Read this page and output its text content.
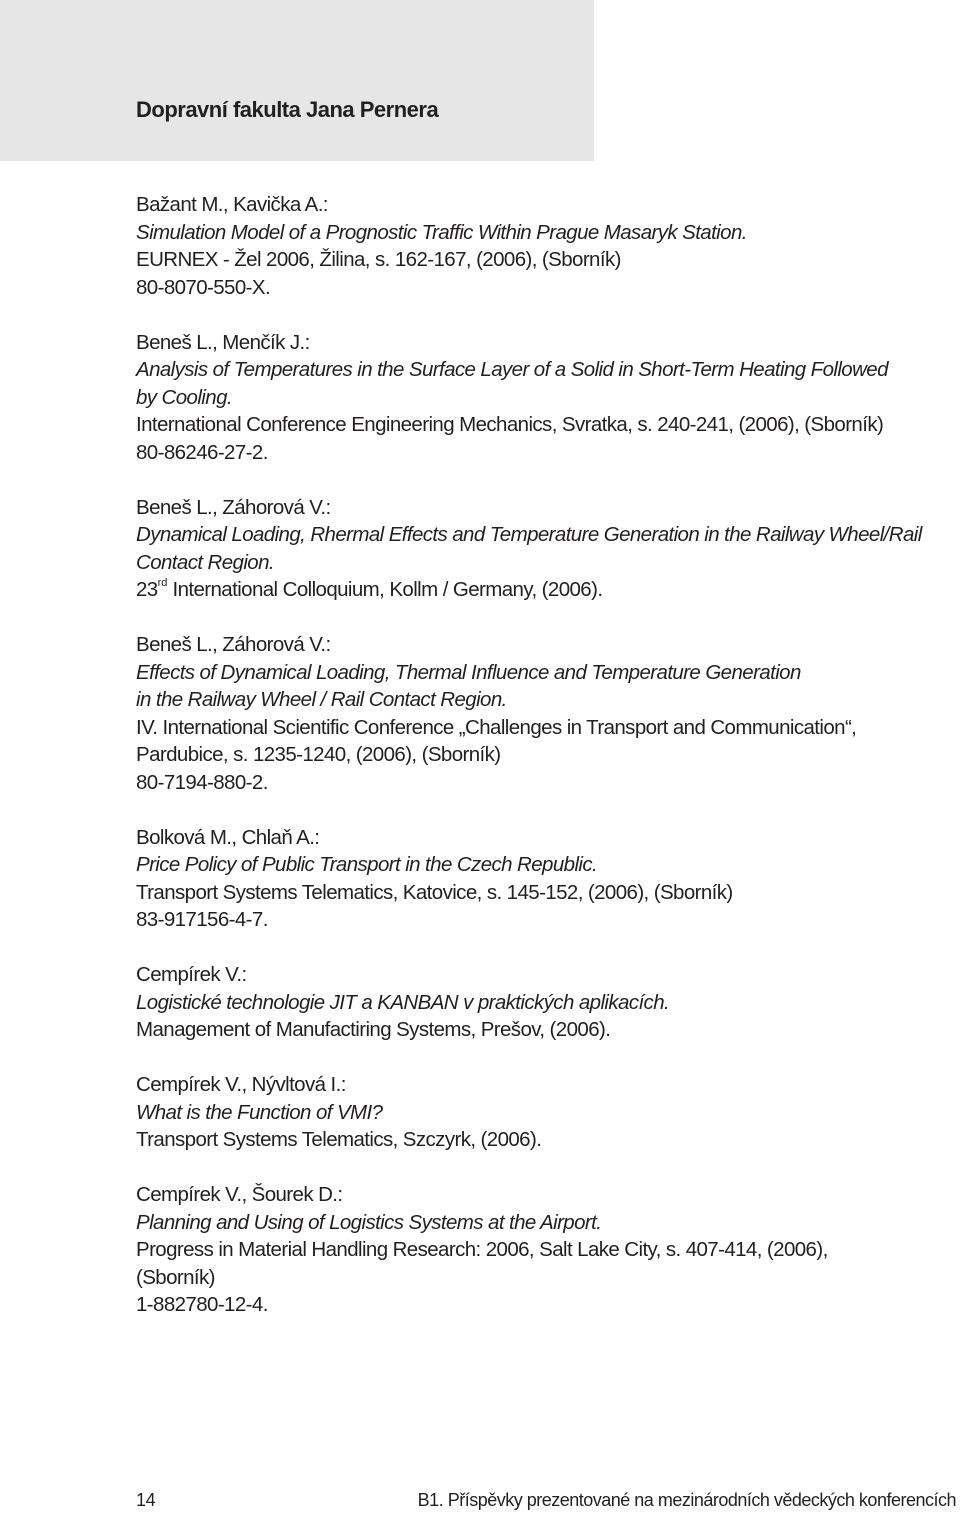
Dopravní fakulta Jana Pernera
Bažant M., Kavička A.:
Simulation Model of a Prognostic Traffic Within Prague Masaryk Station.
EURNEX - Žel 2006, Žilina, s. 162-167, (2006), (Sborník)
80-8070-550-X.
Beneš L., Menčík J.:
Analysis of Temperatures in the Surface Layer of a Solid in Short-Term Heating Followed
by Cooling.
International Conference Engineering Mechanics, Svratka, s. 240-241, (2006), (Sborník)
80-86246-27-2.
Beneš L., Záhorová V.:
Dynamical Loading, Rhermal Effects and Temperature Generation in the Railway Wheel/Rail
Contact Region.
23rd International Colloquium, Kollm / Germany, (2006).
Beneš L., Záhorová V.:
Effects of Dynamical Loading, Thermal Influence and Temperature Generation
in the Railway Wheel / Rail Contact Region.
IV. International Scientific Conference „Challenges in Transport and Communication“,
Pardubice, s. 1235-1240, (2006), (Sborník)
80-7194-880-2.
Bolková M., Chlaň A.:
Price Policy of Public Transport in the Czech Republic.
Transport Systems Telematics, Katovice, s. 145-152, (2006), (Sborník)
83-917156-4-7.
Cempírek V.:
Logistické technologie JIT a KANBAN v praktických aplikacích.
Management of Manufactiring Systems, Prešov, (2006).
Cempírek V., Nývltová I.:
What is the Function of VMI?
Transport Systems Telematics, Szczyrk, (2006).
Cempírek V., Šourek D.:
Planning and Using of Logistics Systems at the Airport.
Progress in Material Handling Research: 2006, Salt Lake City, s. 407-414, (2006),
(Sborník)
1-882780-12-4.
14	B1. Příspěvky prezentované na mezinárodních vědeckých konferencích
